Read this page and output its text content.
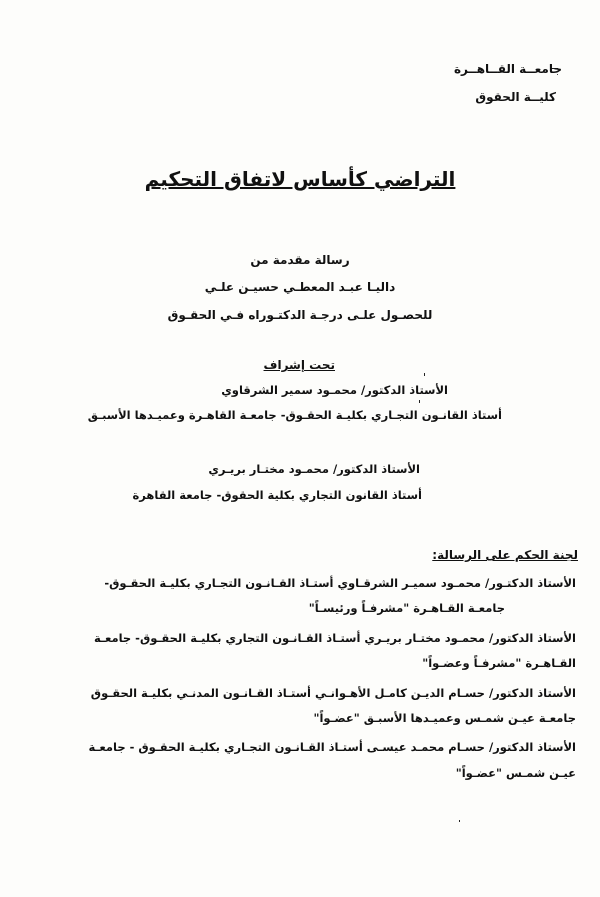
جامعــة القــاهــرة
كليــة الحقوق
التراضي كأساس لاتفاق التحكيم
رسالة مقدمة من
داليـا عبـد المعطـي حسيـن علـي
للحصـول علـى درجـة الدكتـوراه فـي الحقـوق
تحت إشراف
الأستاذ الدكتور/ محمـود سمير الشرقاوي
أستاذ القانـون التجـاري بكليـة الحقـوق- جامعـة القاهـرة وعميـدها الأسبـق
الأستاذ الدكتور/ محمـود مختـار بريـري
أستاذ القانون التجاري بكلية الحقوق- جامعة القاهرة
لجنة الحكم على الرسالة:
الأستاذ الدكتـور/ محمـود سميـر الشرقـاوي أستـاذ القـانـون التجـاري بكليـة الحقـوق-
جامعـة القـاهـرة "مشرفـاً ورئيسـاً"
الأستاذ الدكتور/ محمـود مختـار بريـري أستـاذ القـانـون التجاري بكليـة الحقـوق- جامعـة
القـاهـرة "مشرفـاً وعضـواً"
الأستاذ الدكتور/ حسـام الديـن كامـل الأهـوانـي أستـاذ القـانـون المدنـي بكليـة الحقـوق
جامعـة عيـن شمـس وعميـدها الأسبـق "عضـواً"
الأستاذ الدكتور/ حسـام محمـد عيسـى أستـاذ القـانـون التجـاري بكليـة الحقـوق - جامعـة
عيـن شمـس "عضـواً"
